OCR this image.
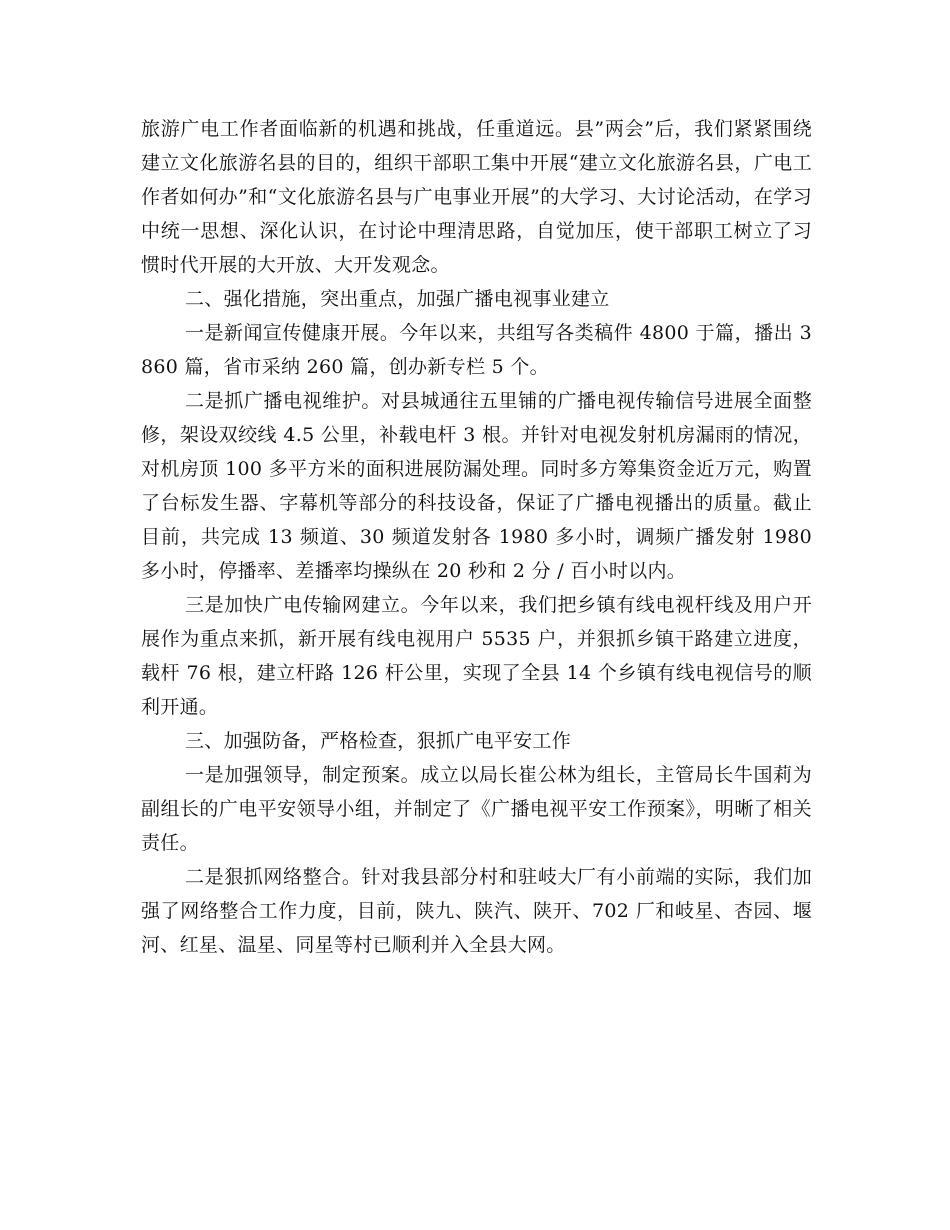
旅游广电工作者面临新的机遇和挑战，任重道远。县”两会”后，我们紧紧围绕建立文化旅游名县的目的，组织干部职工集中开展“建立文化旅游名县，广电工作者如何办”和“文化旅游名县与广电事业开展”的大学习、大讨论活动，在学习中统一思想、深化认识，在讨论中理清思路，自觉加压，使干部职工树立了习惯时代开展的大开放、大开发观念。

二、强化措施，突出重点，加强广播电视事业建立

一是新闻宣传健康开展。今年以来，共组写各类稿件 4800 于篇，播出 3860 篇，省市采纳 260 篇，创办新专栏 5 个。

二是抓广播电视维护。对县城通往五里铺的广播电视传输信号进展全面整修，架设双绞线 4.5 公里，补载电杆 3 根。并针对电视发射机房漏雨的情况，对机房顶 100 多平方米的面积进展防漏处理。同时多方筹集资金近万元，购置了台标发生器、字幕机等部分的科技设备，保证了广播电视播出的质量。截止目前，共完成 13 频道、30 频道发射各 1980 多小时，调频广播发射 1980 多小时，停播率、差播率均操纵在 20 秒和 2 分 / 百小时以内。

三是加快广电传输网建立。今年以来，我们把乡镇有线电视杆线及用户开展作为重点来抓，新开展有线电视用户 5535 户，并狠抓乡镇干路建立进度，载杆 76 根，建立杆路 126 杆公里，实现了全县 14 个乡镇有线电视信号的顺利开通。

三、加强防备，严格检查，狠抓广电平安工作

一是加强领导，制定预案。成立以局长崔公林为组长，主管局长牛国莉为副组长的广电平安领导小组，并制定了《广播电视平安工作预案》，明晰了相关责任。

二是狠抓网络整合。针对我县部分村和驻岐大厂有小前端的实际，我们加强了网络整合工作力度，目前，陕九、陕汽、陕开、702 厂和岐星、杏园、堰河、红星、温星、同星等村已顺利并入全县大网。
